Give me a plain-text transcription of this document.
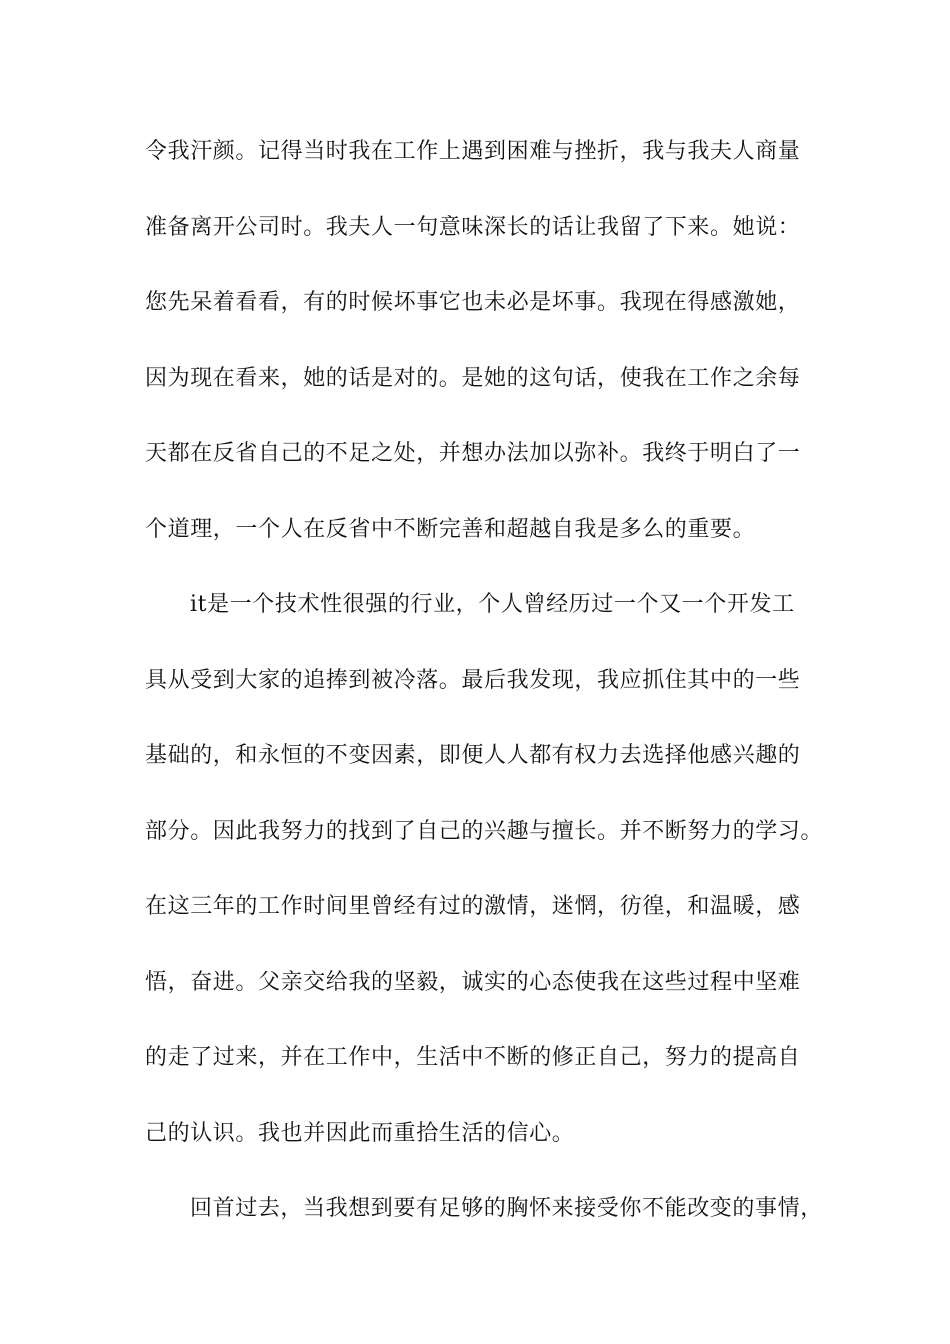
令我汗颜。记得当时我在工作上遇到困难与挫折，我与我夫人商量
准备离开公司时。我夫人一句意味深长的话让我留了下来。她说：
您先呆着看看，有的时候坏事它也未必是坏事。我现在得感激她，
因为现在看来，她的话是对的。是她的这句话，使我在工作之余每
天都在反省自己的不足之处，并想办法加以弥补。我终于明白了一
个道理，一个人在反省中不断完善和超越自我是多么的重要。
it是一个技术性很强的行业，个人曾经历过一个又一个开发工
具从受到大家的追捧到被冷落。最后我发现，我应抓住其中的一些
基础的，和永恒的不变因素，即便人人都有权力去选择他感兴趣的
部分。因此我努力的找到了自己的兴趣与擅长。并不断努力的学习。
在这三年的工作时间里曾经有过的激情，迷惘，彷徨，和温暖，感
悟，奋进。父亲交给我的坚毅，诚实的心态使我在这些过程中坚难
的走了过来，并在工作中，生活中不断的修正自己，努力的提高自
己的认识。我也并因此而重拾生活的信心。
回首过去，当我想到要有足够的胸怀来接受你不能改变的事情，
